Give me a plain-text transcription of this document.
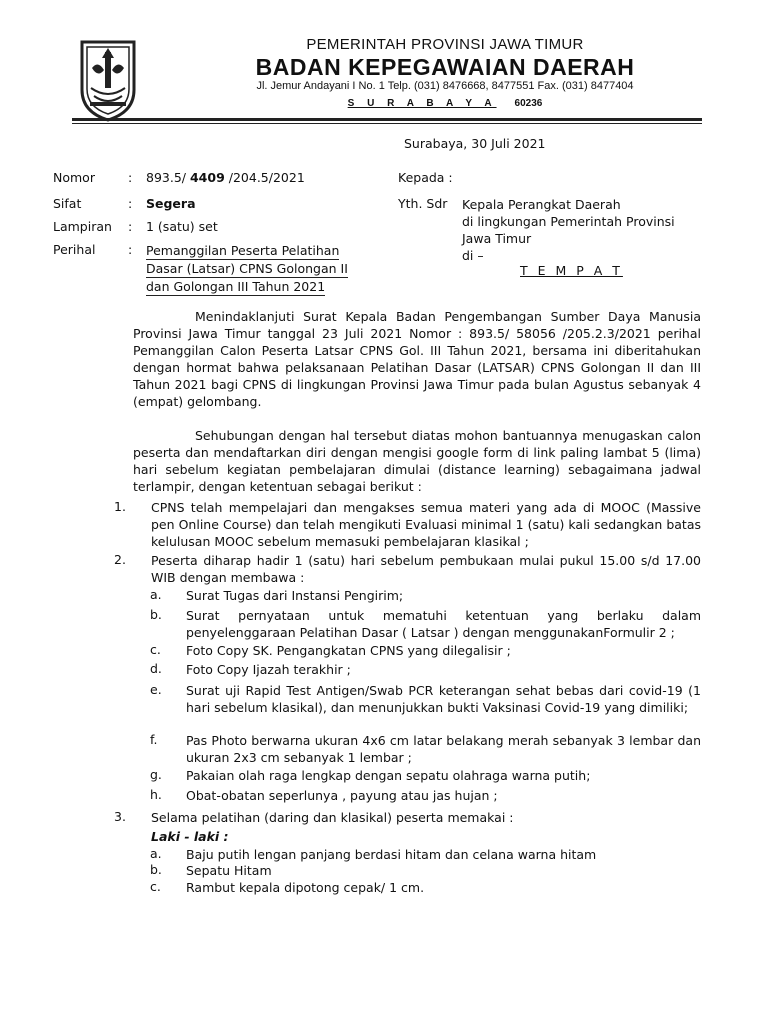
PEMERINTAH PROVINSI JAWA TIMUR
BADAN KEPEGAWAIAN DAERAH
Jl. Jemur Andayani I No. 1 Telp. (031) 8476668, 8477551 Fax. (031) 8477404
S U R A B A Y A 60236
Surabaya, 30 Juli 2021
Nomor	: 893.5/ 4409 /204.5/2021
Sifat	: Segera
Lampiran : 1 (satu) set
Perihal	: Pemanggilan Peserta Pelatihan
Dasar (Latsar) CPNS Golongan II
dan Golongan III Tahun 2021
Kepada :
Yth. Sdr Kepala Perangkat Daerah
di lingkungan Pemerintah Provinsi
Jawa Timur
di –
T E M P A T
Menindaklanjuti Surat Kepala Badan Pengembangan Sumber Daya Manusia Provinsi Jawa Timur tanggal 23 Juli 2021 Nomor : 893.5/ 58056 /205.2.3/2021 perihal Pemanggilan Calon Peserta Latsar CPNS Gol. III Tahun 2021, bersama ini diberitahukan dengan hormat bahwa pelaksanaan Pelatihan Dasar (LATSAR) CPNS Golongan II dan III Tahun 2021 bagi CPNS di lingkungan Provinsi Jawa Timur pada bulan Agustus sebanyak 4 (empat) gelombang.
Sehubungan dengan hal tersebut diatas mohon bantuannya menugaskan calon peserta dan mendaftarkan diri dengan mengisi google form di link paling lambat 5 (lima) hari sebelum kegiatan pembelajaran dimulai (distance learning) sebagaimana jadwal terlampir, dengan ketentuan sebagai berikut :
1. CPNS telah mempelajari dan mengakses semua materi yang ada di MOOC (Massive pen Online Course) dan telah mengikuti Evaluasi minimal 1 (satu) kali sedangkan batas kelulusan MOOC sebelum memasuki pembelajaran klasikal ;
2. Peserta diharap hadir 1 (satu) hari sebelum pembukaan mulai pukul 15.00 s/d 17.00 WIB dengan membawa :
a. Surat Tugas dari Instansi Pengirim;
b. Surat pernyataan untuk mematuhi ketentuan yang berlaku dalam penyelenggaraan Pelatihan Dasar ( Latsar ) dengan menggunakanFormulir 2 ;
c. Foto Copy SK. Pengangkatan CPNS yang dilegalisir ;
d. Foto Copy Ijazah terakhir ;
e. Surat uji Rapid Test Antigen/Swab PCR keterangan sehat bebas dari covid-19 (1 hari sebelum klasikal), dan menunjukkan bukti Vaksinasi Covid-19 yang dimiliki;
f. Pas Photo berwarna ukuran 4x6 cm latar belakang merah sebanyak 3 lembar dan ukuran 2x3 cm sebanyak 1 lembar ;
g. Pakaian olah raga lengkap dengan sepatu olahraga warna putih;
h. Obat-obatan seperlunya , payung atau jas hujan ;
3. Selama pelatihan (daring dan klasikal) peserta memakai :
Laki - laki :
a. Baju putih lengan panjang berdasi hitam dan celana warna hitam
b. Sepatu Hitam
c. Rambut kepala dipotong cepak/ 1 cm.
